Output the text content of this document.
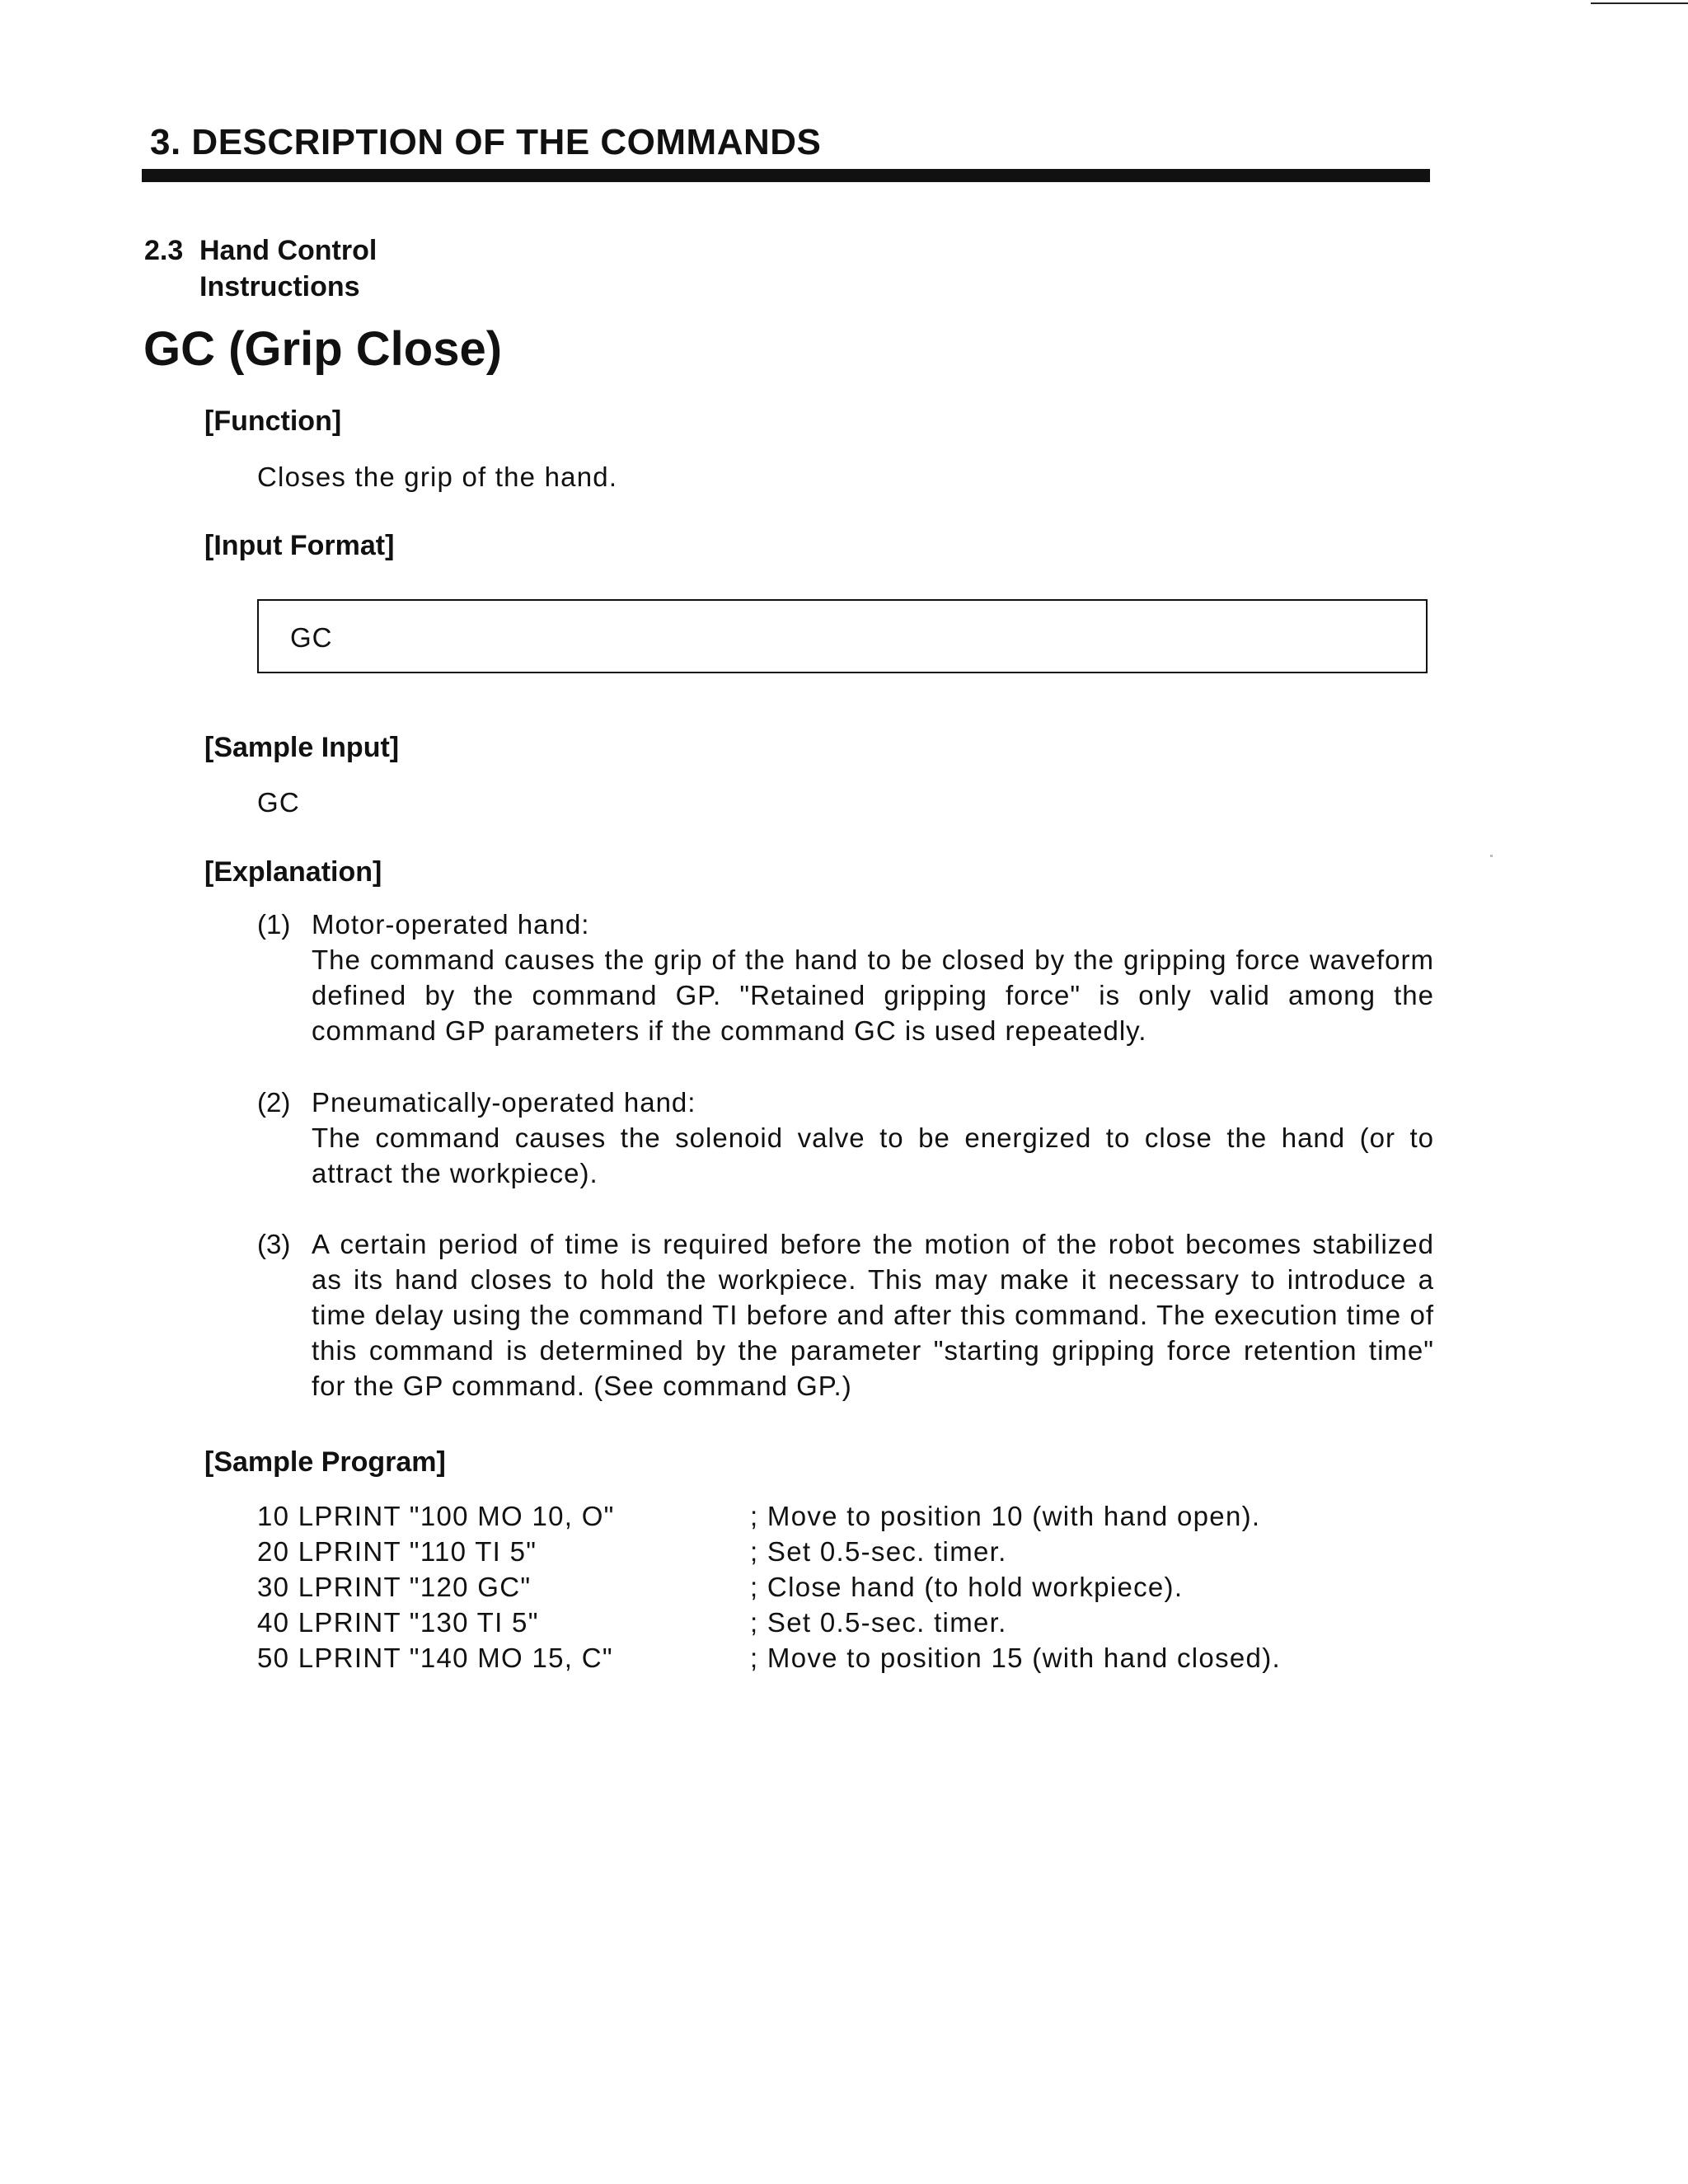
3. DESCRIPTION OF THE COMMANDS
2.3 Hand Control
Instructions
GC (Grip Close)
[Function]
Closes the grip of the hand.
[Input Format]
GC
[Sample Input]
GC
[Explanation]
(1) Motor-operated hand:

The command causes the grip of the hand to be closed by the gripping force waveform defined by the command GP. "Retained gripping force" is only valid among the command GP parameters if the command GC is used repeatedly.

(2) Pneumatically-operated hand:

The command causes the solenoid valve to be energized to close the hand (or to attract the workpiece).

(3) A certain period of time is required before the motion of the robot becomes stabilized as its hand closes to hold the workpiece. This may make it necessary to introduce a time delay using the command TI before and after this command. The execution time of this command is determined by the parameter "starting gripping force retention time" for the GP command. (See command GP.)

[Sample Program]
10 LPRINT "100 MO 10, O"	; Move to position 10 (with hand open).
20 LPRINT "110 TI 5"	; Set 0.5-sec. timer.
30 LPRINT "120 GC"	; Close hand (to hold workpiece).
40 LPRINT "130 TI 5"	; Set 0.5-sec. timer.
50 LPRINT "140 MO 15, C"	; Move to position 15 (with hand closed).
